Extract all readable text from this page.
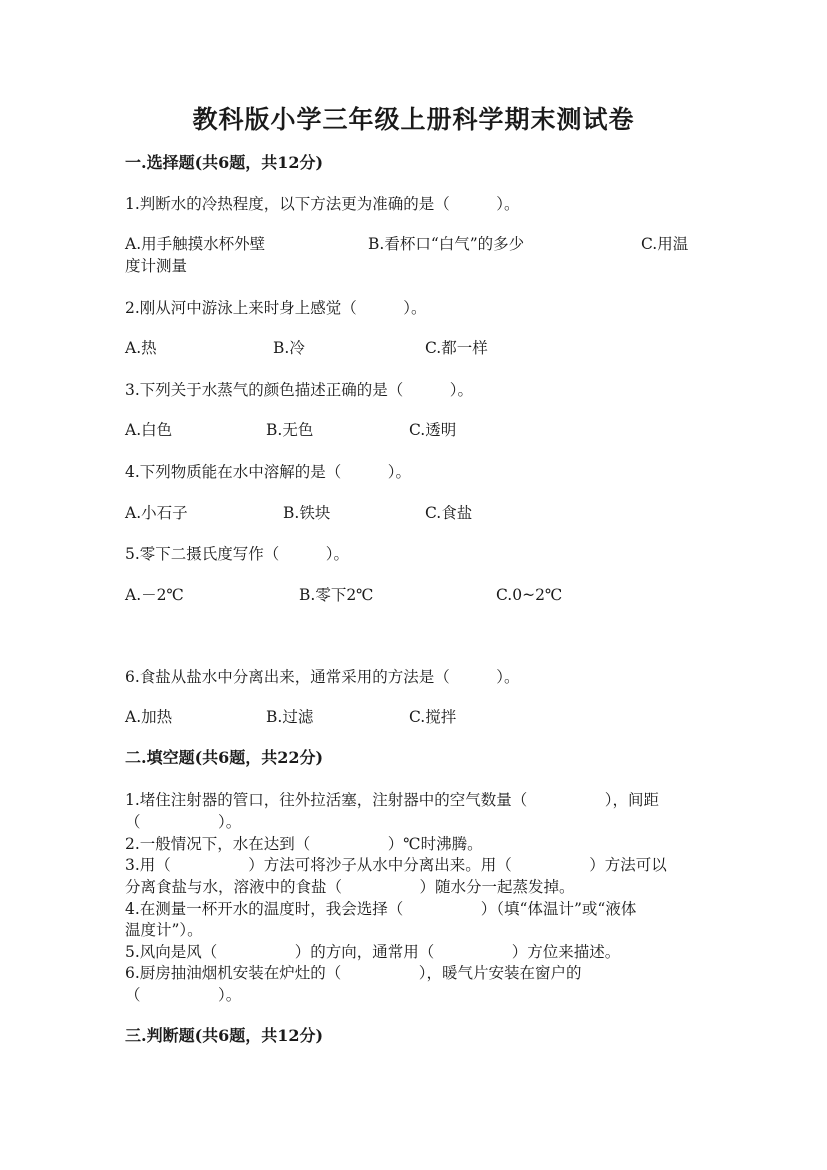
教科版小学三年级上册科学期末测试卷
一.选择题(共6题，共12分)
1.判断水的冷热程度，以下方法更为准确的是（　　　）。
A.用手触摸水杯外壁	B.看杯口“白气”的多少	C.用温
度计测量
2.刚从河中游泳上来时身上感觉（　　　）。
A.热	B.冷	C.都一样
3.下列关于水蒸气的颜色描述正确的是（　　　）。
A.白色	B.无色	C.透明
4.下列物质能在水中溶解的是（　　　）。
A.小石子	B.铁块	C.食盐
5.零下二摄氏度写作（　　　）。
A.－2℃	B.零下2℃	C.0~2℃
6.食盐从盐水中分离出来，通常采用的方法是（　　　）。
A.加热	B.过滤	C.搅拌
二.填空题(共6题，共22分)
1.堵住注射器的管口，往外拉活塞，注射器中的空气数量（　　　　　），间距
（　　　　　）。
2.一般情况下，水在达到（　　　　　）℃时沸腾。
3.用（　　　　　）方法可将沙子从水中分离出来。用（　　　　　）方法可以
分离食盐与水，溶液中的食盐（　　　　　）随水分一起蒸发掉。
4.在测量一杯开水的温度时，我会选择（　　　　　）（填“体温计”或“液体
温度计”）。
5.风向是风（　　　　　）的方向，通常用（　　　　　）方位来描述。
6.厨房抽油烟机安装在炉灶的（　　　　　），暖气片安装在窗户的
（　　　　　）。
三.判断题(共6题，共12分)
